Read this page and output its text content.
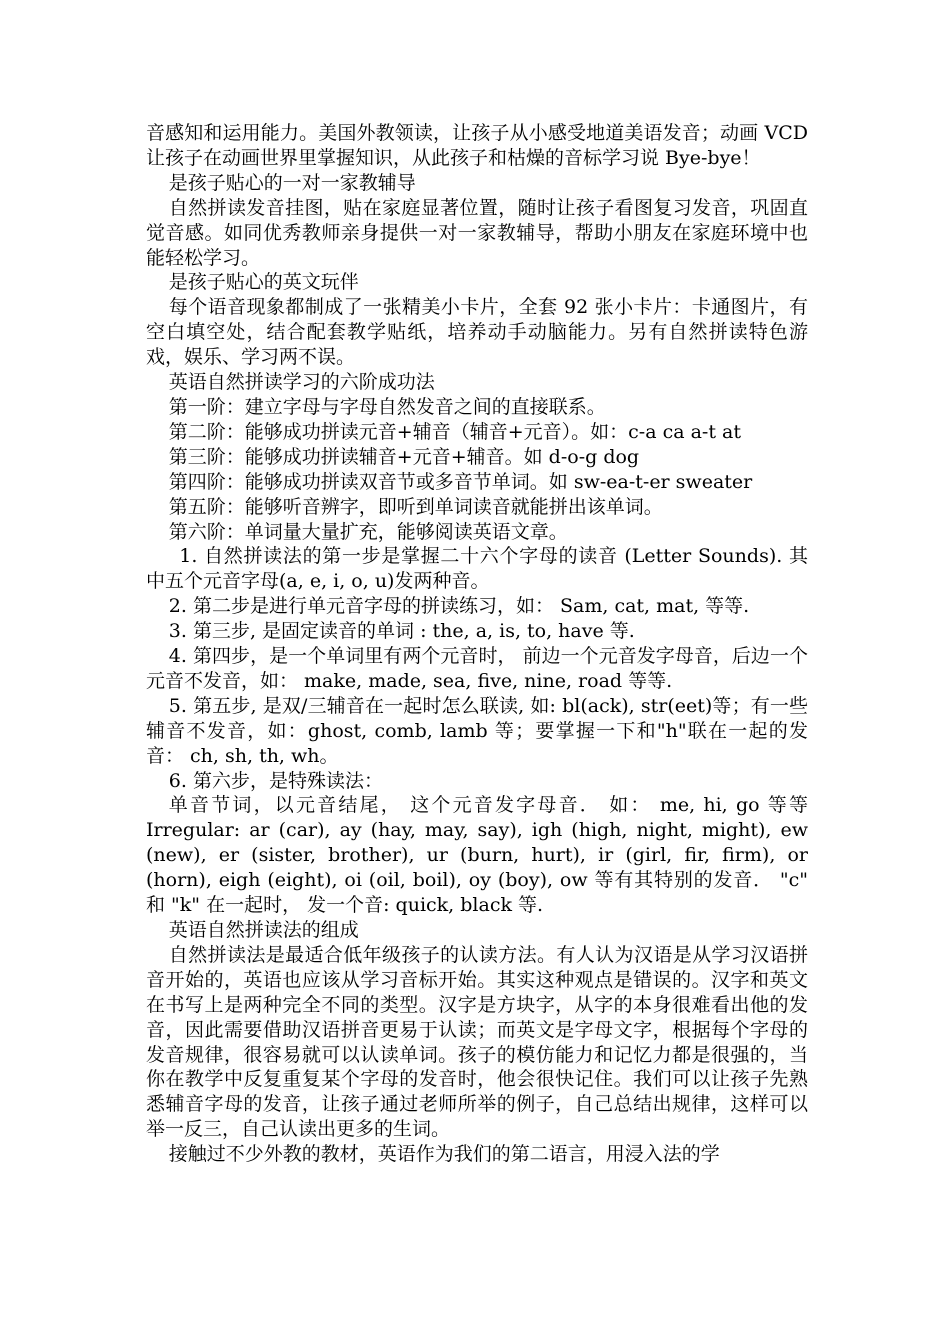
音感知和运用能力。美国外教领读，让孩子从小感受地道美语发音；动画 VCD 让孩子在动画世界里掌握知识，从此孩子和枯燥的音标学习说 Bye-bye！

是孩子贴心的一对一家教辅导

自然拼读发音挂图，贴在家庭显著位置，随时让孩子看图复习发音，巩固直觉音感。如同优秀教师亲身提供一对一家教辅导，帮助小朋友在家庭环境中也能轻松学习。

是孩子贴心的英文玩伴

每个语音现象都制成了一张精美小卡片，全套 92 张小卡片：卡通图片，有空白填空处，结合配套教学贴纸，培养动手动脑能力。另有自然拼读特色游戏，娱乐、学习两不误。

英语自然拼读学习的六阶成功法

第一阶：建立字母与字母自然发音之间的直接联系。

第二阶：能够成功拼读元音+辅音（辅音+元音）。如：c-a ca a-t at

第三阶：能够成功拼读辅音+元音+辅音。如 d-o-g dog

第四阶：能够成功拼读双音节或多音节单词。如 sw-ea-t-er sweater

第五阶：能够听音辨字，即听到单词读音就能拼出该单词。

第六阶：单词量大量扩充，能够阅读英语文章。

1. 自然拼读法的第一步是掌握二十六个字母的读音 (Letter Sounds). 其中五个元音字母(a, e, i, o, u)发两种音。

2. 第二步是进行单元音字母的拼读练习，如： Sam, cat, mat, 等等.

3. 第三步, 是固定读音的单词 : the, a, is, to, have 等.

4. 第四步，是一个单词里有两个元音时， 前边一个元音发字母音，后边一个元音不发音，如： make, made, sea, five, nine, road 等等.

5. 第五步, 是双/三辅音在一起时怎么联读, 如: bl(ack), str(eet)等；有一些辅音不发音，如：ghost, comb, lamb 等；要掌握一下和"h"联在一起的发音： ch, sh, th, wh。

6. 第六步，是特殊读法：

单音节词，以元音结尾， 这个元音发字母音． 如： me, hi, go 等等 Irregular: ar (car), ay (hay, may, say), igh (high, night, might), ew (new), er (sister, brother), ur (burn, hurt), ir (girl, fir, firm), or (horn), eigh (eight), oi (oil, boil), oy (boy), ow 等有其特别的发音． "c" 和 "k" 在一起时， 发一个音: quick, black 等.

英语自然拼读法的组成

自然拼读法是最适合低年级孩子的认读方法。有人认为汉语是从学习汉语拼音开始的，英语也应该从学习音标开始。其实这种观点是错误的。汉字和英文在书写上是两种完全不同的类型。汉字是方块字，从字的本身很难看出他的发音，因此需要借助汉语拼音更易于认读；而英文是字母文字，根据每个字母的发音规律，很容易就可以认读单词。孩子的模仿能力和记忆力都是很强的，当你在教学中反复重复某个字母的发音时，他会很快记住。我们可以让孩子先熟悉辅音字母的发音，让孩子通过老师所举的例子，自己总结出规律，这样可以举一反三，自己认读出更多的生词。

接触过不少外教的教材，英语作为我们的第二语言，用浸入法的学
